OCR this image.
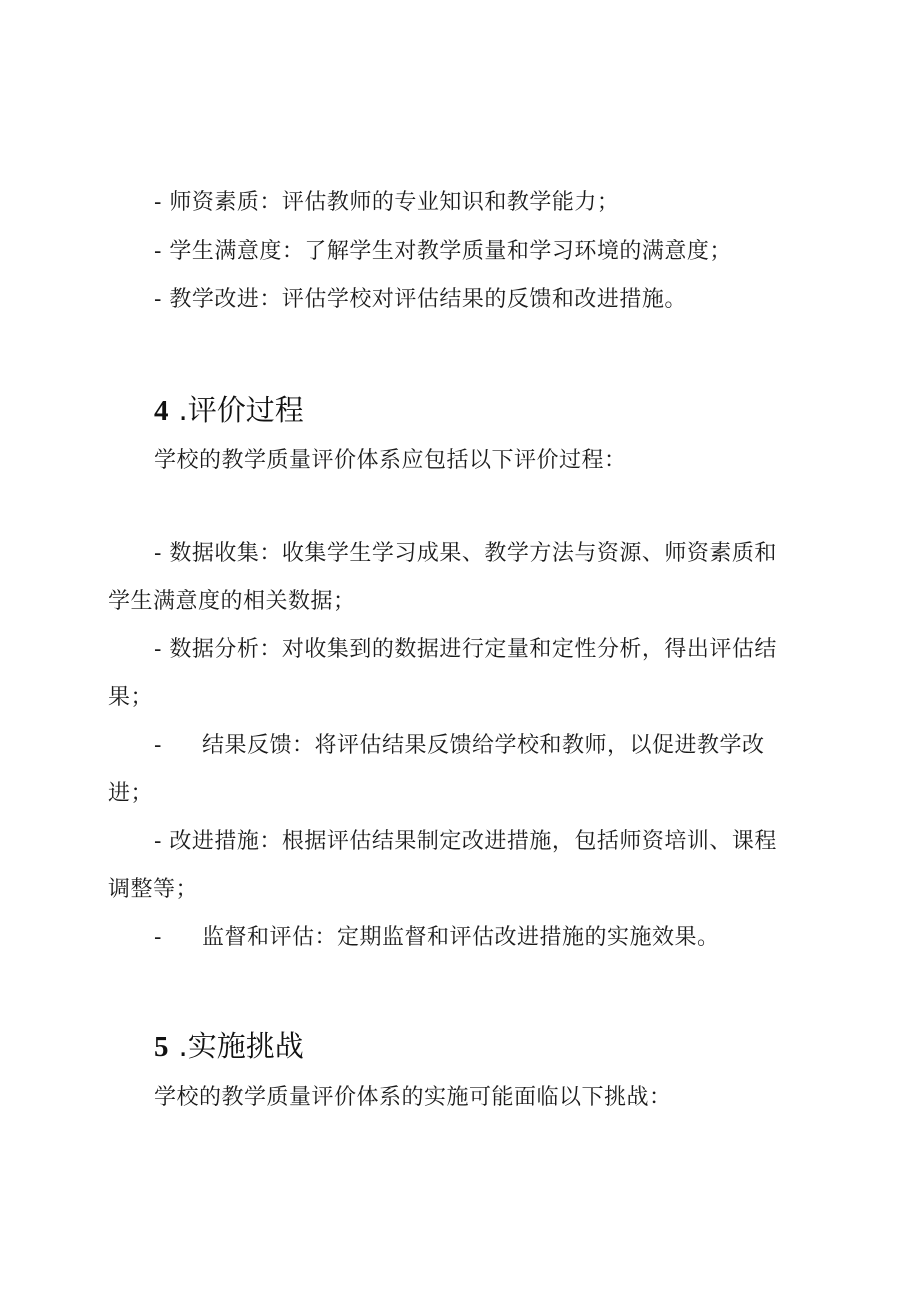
- 师资素质：评估教师的专业知识和教学能力；
- 学生满意度：了解学生对教学质量和学习环境的满意度；
- 教学改进：评估学校对评估结果的反馈和改进措施。
4 .评价过程
学校的教学质量评价体系应包括以下评价过程：
- 数据收集：收集学生学习成果、教学方法与资源、师资素质和
学生满意度的相关数据；
- 数据分析：对收集到的数据进行定量和定性分析，得出评估结
果；
- 结果反馈：将评估结果反馈给学校和教师，以促进教学改
进；
- 改进措施：根据评估结果制定改进措施，包括师资培训、课程
调整等；
- 监督和评估：定期监督和评估改进措施的实施效果。
5 .实施挑战
学校的教学质量评价体系的实施可能面临以下挑战：
